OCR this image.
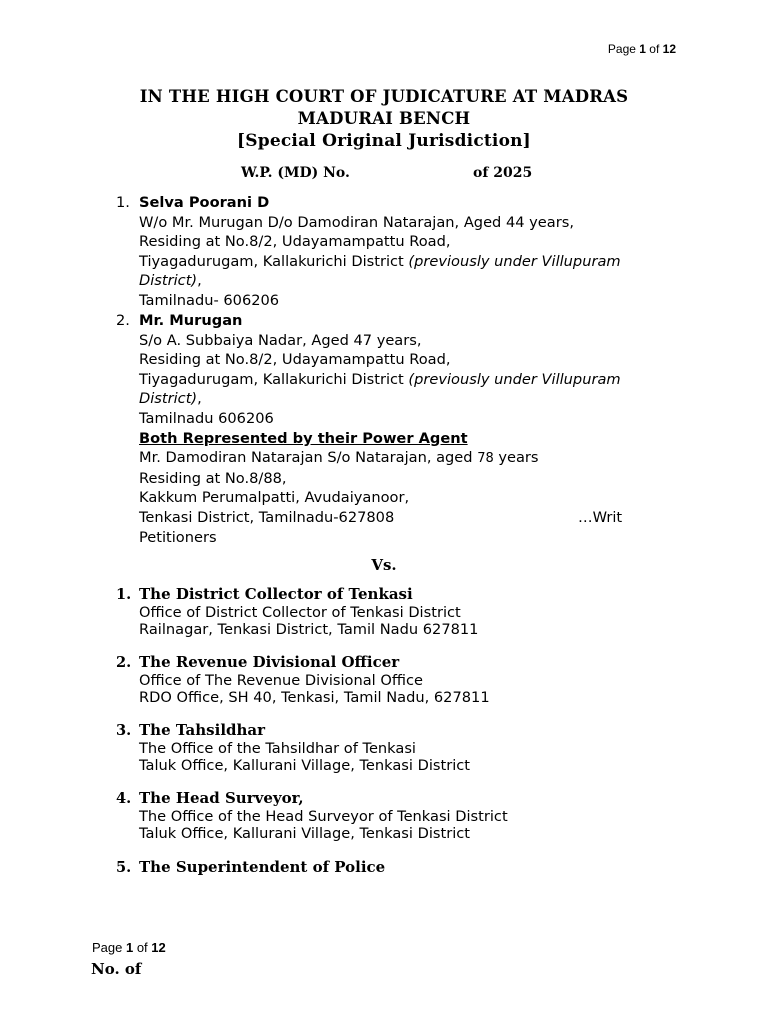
Page 1 of 12
IN THE HIGH COURT OF JUDICATURE AT MADRAS
MADURAI BENCH
[Special Original Jurisdiction]
W.P. (MD) No.	of 2025
1. Selva Poorani D
W/o Mr. Murugan D/o Damodiran Natarajan, Aged 44 years,
Residing at No.8/2, Udayamampattu Road,
Tiyagadurugam, Kallakurichi District (previously under Villupuram
District),
Tamilnadu- 606206
2. Mr. Murugan
S/o A. Subbaiya Nadar, Aged 47 years,
Residing at No.8/2, Udayamampattu Road,
Tiyagadurugam, Kallakurichi District (previously under Villupuram
District),
Tamilnadu 606206
Both Represented by their Power Agent
Mr. Damodiran Natarajan S/o Natarajan, aged 78 years
Residing at No.8/88,
Kakkum Perumalpatti, Avudaiyanoor,
Tenkasi District, Tamilnadu-627808	…Writ
Petitioners
Vs.
1. The District Collector of Tenkasi
Office of District Collector of Tenkasi District
Railnagar, Tenkasi District, Tamil Nadu 627811
2. The Revenue Divisional Officer
Office of The Revenue Divisional Office
RDO Office, SH 40, Tenkasi, Tamil Nadu, 627811
3. The Tahsildhar
The Office of the Tahsildhar of Tenkasi
Taluk Office, Kallurani Village, Tenkasi District
4. The Head Surveyor,
The Office of the Head Surveyor of Tenkasi District
Taluk Office, Kallurani Village, Tenkasi District
5. The Superintendent of Police
Page 1 of 12
No. of
